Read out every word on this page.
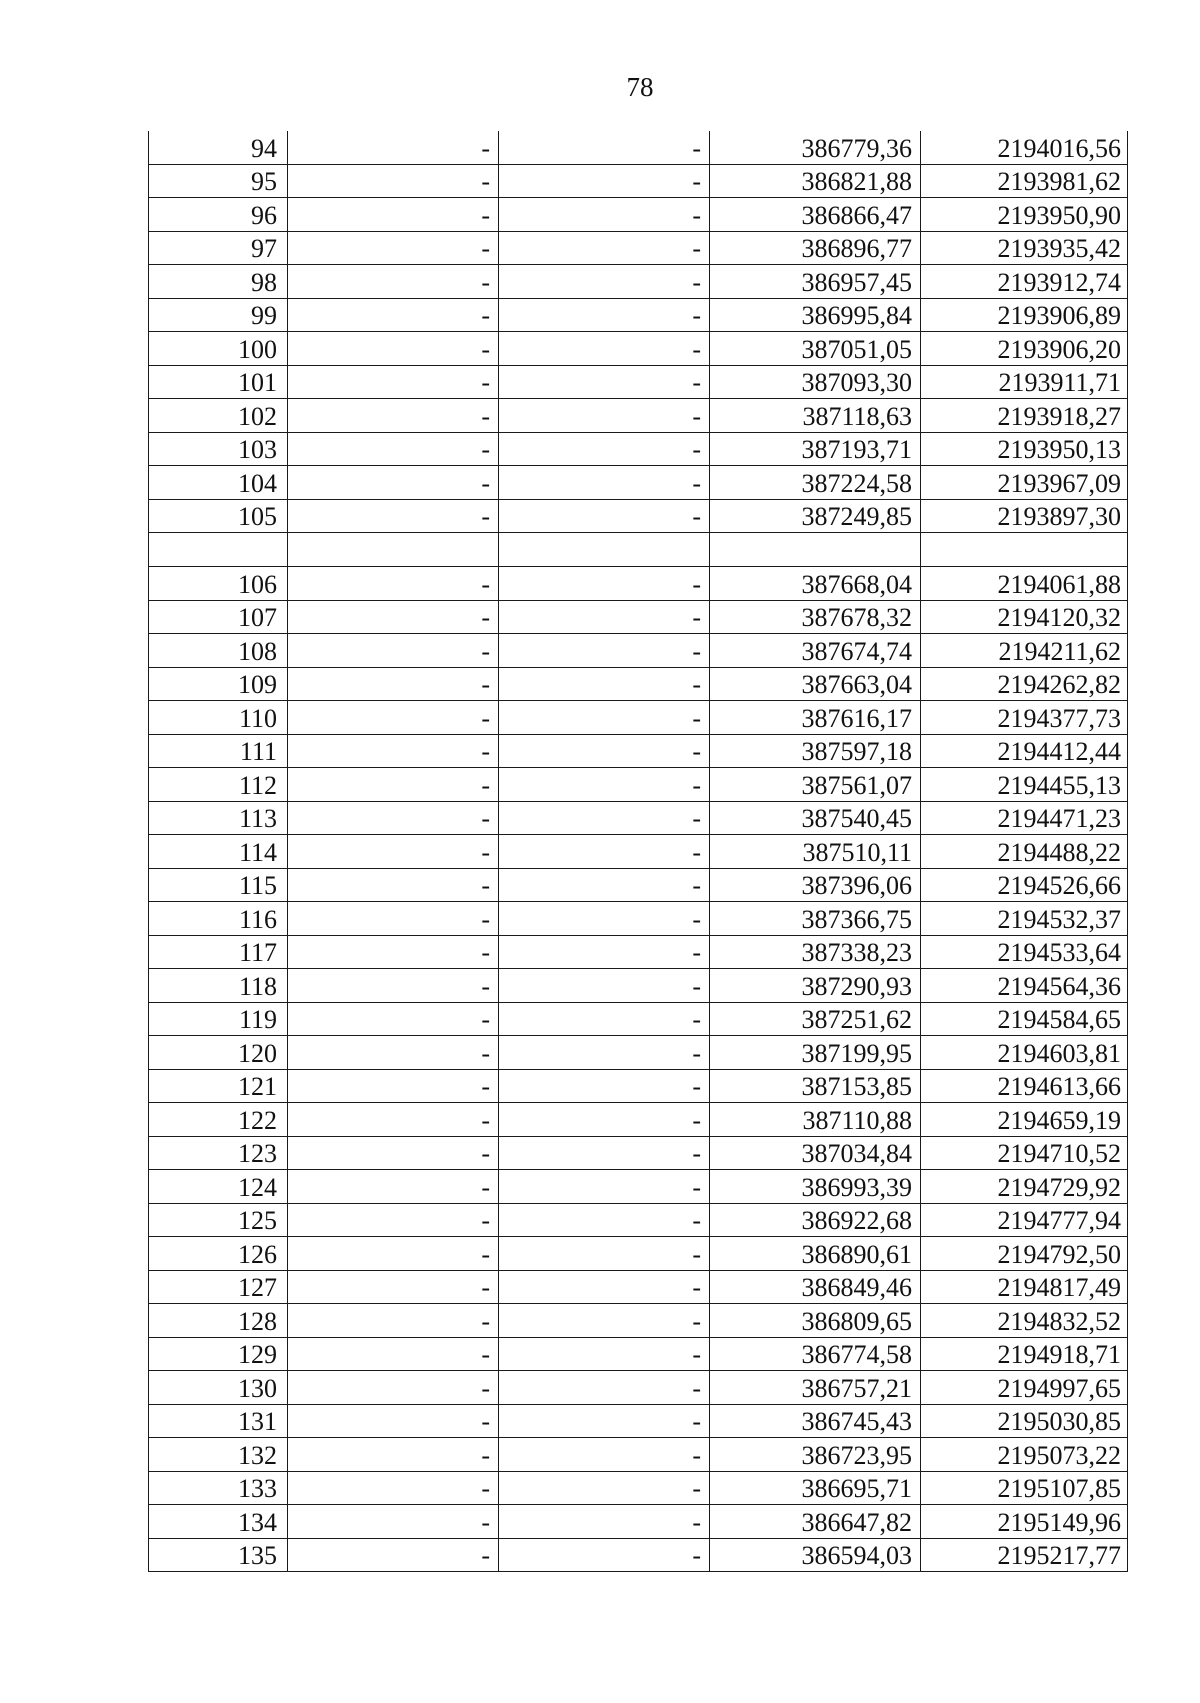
78
94	-	-	386779,36	2194016,56
95	-	-	386821,88	2193981,62
96	-	-	386866,47	2193950,90
97	-	-	386896,77	2193935,42
98	-	-	386957,45	2193912,74
99	-	-	386995,84	2193906,89
100	-	-	387051,05	2193906,20
101	-	-	387093,30	2193911,71
102	-	-	387118,63	2193918,27
103	-	-	387193,71	2193950,13
104	-	-	387224,58	2193967,09
105	-	-	387249,85	2193897,30

106	-	-	387668,04	2194061,88
107	-	-	387678,32	2194120,32
108	-	-	387674,74	2194211,62
109	-	-	387663,04	2194262,82
110	-	-	387616,17	2194377,73
111	-	-	387597,18	2194412,44
112	-	-	387561,07	2194455,13
113	-	-	387540,45	2194471,23
114	-	-	387510,11	2194488,22
115	-	-	387396,06	2194526,66
116	-	-	387366,75	2194532,37
117	-	-	387338,23	2194533,64
118	-	-	387290,93	2194564,36
119	-	-	387251,62	2194584,65
120	-	-	387199,95	2194603,81
121	-	-	387153,85	2194613,66
122	-	-	387110,88	2194659,19
123	-	-	387034,84	2194710,52
124	-	-	386993,39	2194729,92
125	-	-	386922,68	2194777,94
126	-	-	386890,61	2194792,50
127	-	-	386849,46	2194817,49
128	-	-	386809,65	2194832,52
129	-	-	386774,58	2194918,71
130	-	-	386757,21	2194997,65
131	-	-	386745,43	2195030,85
132	-	-	386723,95	2195073,22
133	-	-	386695,71	2195107,85
134	-	-	386647,82	2195149,96
135	-	-	386594,03	2195217,77
